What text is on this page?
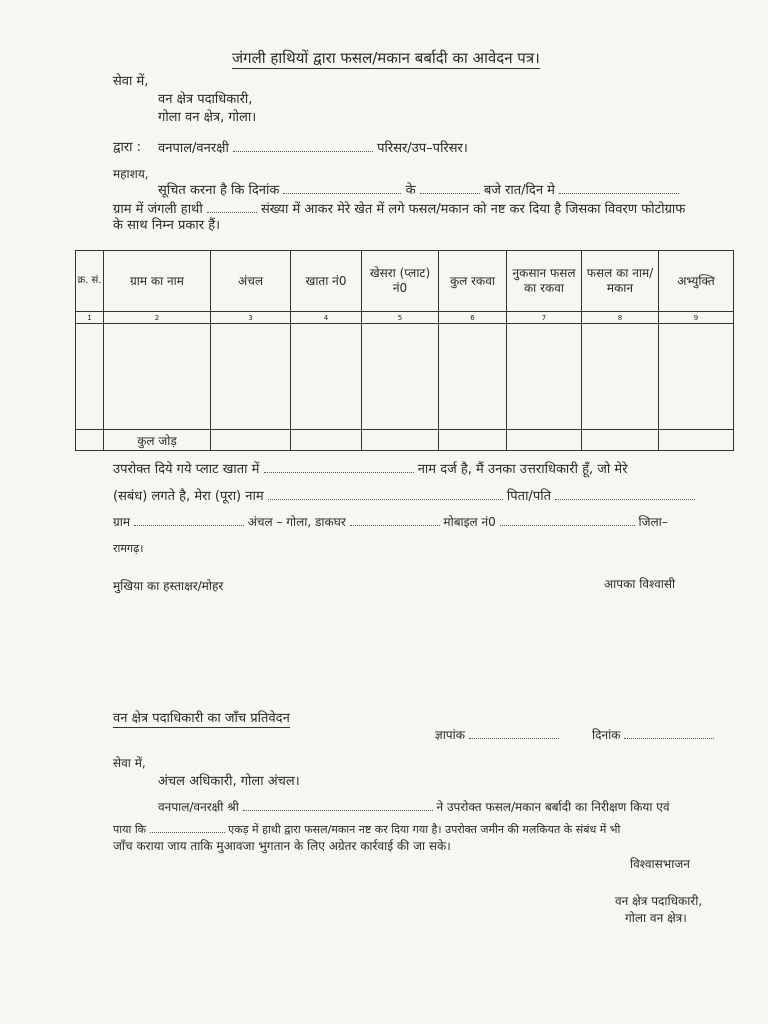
जंगली हाथियों द्वारा फसल/मकान बर्बादी का आवेदन पत्र।
सेवा में,
वन क्षेत्र पदाधिकारी,
गोला वन क्षेत्र, गोला।
द्वारा : वनपाल/वनरक्षी	परिसर/उप–परिसर।
महाशय,
सूचित करना है कि दिनांक	के	बजे रात/दिन मे
ग्राम में जंगली हाथी	संख्या में आकर मेरे खेत में लगे फसल/मकान को नष्ट कर दिया है जिसका विवरण फोटोग्राफ
के साथ निम्न प्रकार हैं।
क्र. सं.	ग्राम का नाम	अंचल	खाता नं0	खेसरा (प्लाट) नं0	कुल रकवा	नुकसान फसल का रकवा	फसल का नाम/मकान	अभ्युक्ति
1	2	3	4	5	6	7	8	9

	कुल जोड़							
उपरोक्त दिये गये प्लाट खाता में	नाम दर्ज है, मैं उनका उत्तराधिकारी हूँ, जो मेरे
(सबंध) लगते है, मेरा (पूरा) नाम	पिता/पति
ग्राम	अंचल – गोला, डाकघर	मोबाइल नं0	जिला–
रामगढ़।
मुखिया का हस्ताक्षर/मोहर	आपका विश्वासी
वन क्षेत्र पदाधिकारी का जाँच प्रतिवेदन
ज्ञापांक	दिनांक
सेवा में,
अंचल अधिकारी, गोला अंचल।
वनपाल/वनरक्षी श्री	ने उपरोक्त फसल/मकान बर्बादी का निरीक्षण किया एवं
पाया कि	एकड़ में हाथी द्वारा फसल/मकान नष्ट कर दिया गया है। उपरोक्त जमीन की मलकियत के संबंध में भी
जाँच कराया जाय ताकि मुआवजा भुगतान के लिए अग्रेतर कार्रवाई की जा सके।
विश्वासभाजन
वन क्षेत्र पदाधिकारी,
गोला वन क्षेत्र।
